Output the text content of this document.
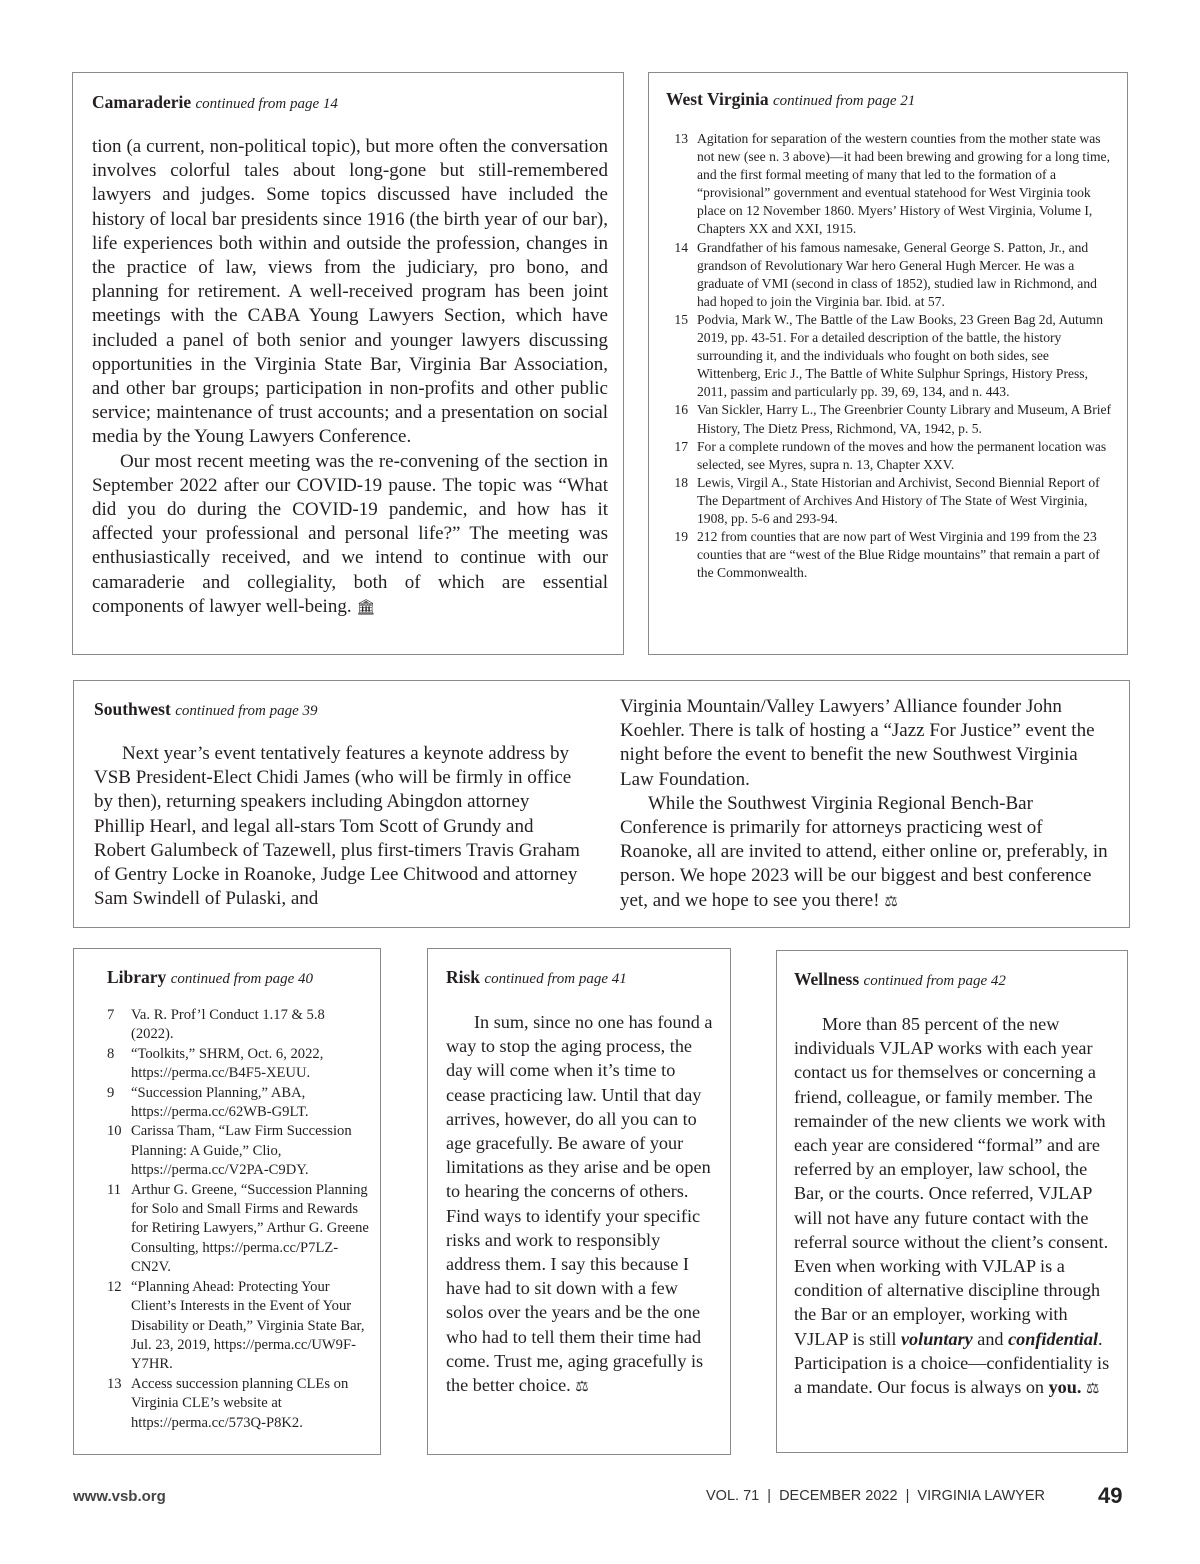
Camaraderie continued from page 14

tion (a current, non-political topic), but more often the conversation involves colorful tales about long-gone but still-remembered lawyers and judges. Some topics discussed have included the history of local bar presidents since 1916 (the birth year of our bar), life experiences both within and outside the profession, changes in the practice of law, views from the judiciary, pro bono, and planning for retirement. A well-received program has been joint meetings with the CABA Young Lawyers Section, which have included a panel of both senior and younger lawyers discussing opportunities in the Virginia State Bar, Virginia Bar Association, and other bar groups; participation in non-profits and other public service; maintenance of trust accounts; and a presentation on social media by the Young Lawyers Conference.

Our most recent meeting was the re-convening of the section in September 2022 after our COVID-19 pause. The topic was “What did you do during the COVID-19 pandemic, and how has it affected your professional and personal life?” The meeting was enthusiastically received, and we intend to continue with our camaraderie and collegiality, both of which are essential components of lawyer well-being. 🏛

West Virginia continued from page 21

13 Agitation for separation of the western counties from the mother state was not new (see n. 3 above)—it had been brewing and growing for a long time, and the first formal meeting of many that led to the formation of a “provisional” government and eventual statehood for West Virginia took place on 12 November 1860. Myers’ History of West Virginia, Volume I, Chapters XX and XXI, 1915.
14 Grandfather of his famous namesake, General George S. Patton, Jr., and grandson of Revolutionary War hero General Hugh Mercer. He was a graduate of VMI (second in class of 1852), studied law in Richmond, and had hoped to join the Virginia bar. Ibid. at 57.
15 Podvia, Mark W., The Battle of the Law Books, 23 Green Bag 2d, Autumn 2019, pp. 43-51. For a detailed description of the battle, the history surrounding it, and the individuals who fought on both sides, see Wittenberg, Eric J., The Battle of White Sulphur Springs, History Press, 2011, passim and particularly pp. 39, 69, 134, and n. 443.
16 Van Sickler, Harry L., The Greenbrier County Library and Museum, A Brief History, The Dietz Press, Richmond, VA, 1942, p. 5.
17 For a complete rundown of the moves and how the permanent location was selected, see Myres, supra n. 13, Chapter XXV.
18 Lewis, Virgil A., State Historian and Archivist, Second Biennial Report of The Department of Archives And History of The State of West Virginia, 1908, pp. 5-6 and 293-94.
19 212 from counties that are now part of West Virginia and 199 from the 23 counties that are “west of the Blue Ridge mountains” that remain a part of the Commonwealth.

Southwest continued from page 39

Next year’s event tentatively features a keynote address by VSB President-Elect Chidi James (who will be firmly in office by then), returning speakers including Abingdon attorney Phillip Hearl, and legal all-stars Tom Scott of Grundy and Robert Galumbeck of Tazewell, plus first-timers Travis Graham of Gentry Locke in Roanoke, Judge Lee Chitwood and attorney Sam Swindell of Pulaski, and

Virginia Mountain/Valley Lawyers’ Alliance founder John Koehler. There is talk of hosting a “Jazz For Justice” event the night before the event to benefit the new Southwest Virginia Law Foundation.

While the Southwest Virginia Regional Bench-Bar Conference is primarily for attorneys practicing west of Roanoke, all are invited to attend, either online or, preferably, in person. We hope 2023 will be our biggest and best conference yet, and we hope to see you there! ⚖

Library continued from page 40

7	Va. R. Prof’l Conduct 1.17 & 5.8 (2022).
8	“Toolkits,” SHRM, Oct. 6, 2022, https://perma.cc/B4F5-XEUU.
9	“Succession Planning,” ABA, https://perma.cc/62WB-G9LT.
10 Carissa Tham, “Law Firm Succession Planning: A Guide,” Clio, https://perma.cc/V2PA-C9DY.
11 Arthur G. Greene, “Succession Planning for Solo and Small Firms and Rewards for Retiring Lawyers,” Arthur G. Greene Consulting, https://perma.cc/P7LZ-CN2V.
12 “Planning Ahead: Protecting Your Client’s Interests in the Event of Your Disability or Death,” Virginia State Bar, Jul. 23, 2019, https://perma.cc/UW9F-Y7HR.
13 Access succession planning CLEs on Virginia CLE’s website at https://perma.cc/573Q-P8K2.

Risk continued from page 41

In sum, since no one has found a way to stop the aging process, the day will come when it’s time to cease practicing law. Until that day arrives, however, do all you can to age gracefully. Be aware of your limitations as they arise and be open to hearing the concerns of others. Find ways to identify your specific risks and work to responsibly address them. I say this because I have had to sit down with a few solos over the years and be the one who had to tell them their time had come. Trust me, aging gracefully is the better choice. ⚖

Wellness continued from page 42

More than 85 percent of the new individuals VJLAP works with each year contact us for themselves or concerning a friend, colleague, or family member. The remainder of the new clients we work with each year are considered “formal” and are referred by an employer, law school, the Bar, or the courts. Once referred, VJLAP will not have any future contact with the referral source without the client’s consent. Even when working with VJLAP is a condition of alternative discipline through the Bar or an employer, working with VJLAP is still voluntary and confidential. Participation is a choice—confidentiality is a mandate. Our focus is always on you. ⚖

www.vsb.org	VOL. 71  |  DECEMBER 2022  |  VIRGINIA LAWYER 49
